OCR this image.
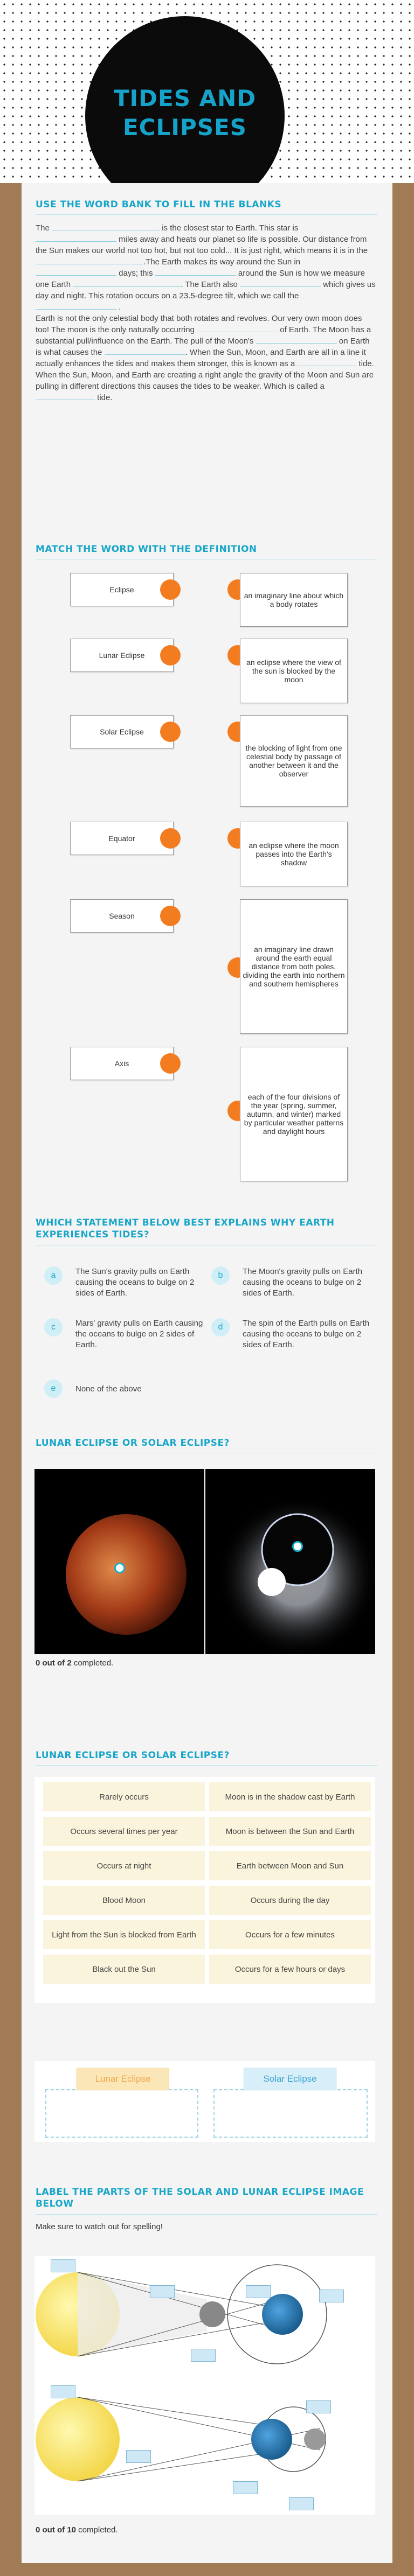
TIDES AND
ECLIPSES
USE THE WORD BANK TO FILL IN THE BLANKS
The	is the closest star to Earth. This star is  miles away and heats our planet so life is possible. Our distance from the Sun makes our world not too hot, but not too cold... It is just right, which means it is in the .The Earth makes its way around the Sun in  days; this	around the Sun is how we measure one Earth	. The Earth also	which gives us day and night. This rotation occurs on a 23.5-degree tilt, which we call the  .
Earth is not the only celestial body that both rotates and revolves. Our very own moon does too! The moon is the only naturally occurring	of Earth. The Moon has a substantial pull/influence on the Earth. The pull of the Moon's	on Earth is what causes the	. When the Sun, Moon, and Earth are all in a line it actually enhances the tides and makes them stronger, this is known as a	tide. When the Sun, Moon, and Earth are creating a right angle the gravity of the Moon and Sun are pulling in different directions this causes the tides to be weaker. Which is called a  tide.
MATCH THE WORD WITH THE DEFINITION
Eclipse
Lunar Eclipse
Solar Eclipse
Equator
Season
Axis
an imaginary line about which a body rotates
an eclipse where the view of the sun is blocked by the moon
the blocking of light from one celestial body by passage of another between it and the observer
an eclipse where the moon passes into the Earth's shadow
an imaginary line drawn around the earth equal distance from both poles, dividing the earth into northern and southern hemispheres
each of the four divisions of the year (spring, summer, autumn, and winter) marked by particular weather patterns and daylight hours
WHICH STATEMENT BELOW BEST EXPLAINS WHY EARTH EXPERIENCES TIDES?
a	The Sun's gravity pulls on Earth causing the oceans to bulge on 2 sides of Earth.
b	The Moon's gravity pulls on Earth causing the oceans to bulge on 2 sides of Earth.
c	Mars' gravity pulls on Earth causing the oceans to bulge on 2 sides of Earth.
d	The spin of the Earth pulls on Earth causing the oceans to bulge on 2 sides of Earth.
e	None of the above
LUNAR ECLIPSE OR SOLAR ECLIPSE?
0 out of 2 completed.
LUNAR ECLIPSE OR SOLAR ECLIPSE?
Rarely occurs	Moon is in the shadow cast by Earth
Occurs several times per year	Moon is between the Sun and Earth
Occurs at night	Earth between Moon and Sun
Blood Moon	Occurs during the day
Light from the Sun is blocked from Earth	Occurs for a few minutes
Black out the Sun	Occurs for a few hours or days
Lunar Eclipse	Solar Eclipse
LABEL THE PARTS OF THE SOLAR AND LUNAR ECLIPSE IMAGE BELOW
Make sure to watch out for spelling!
0 out of 10 completed.
